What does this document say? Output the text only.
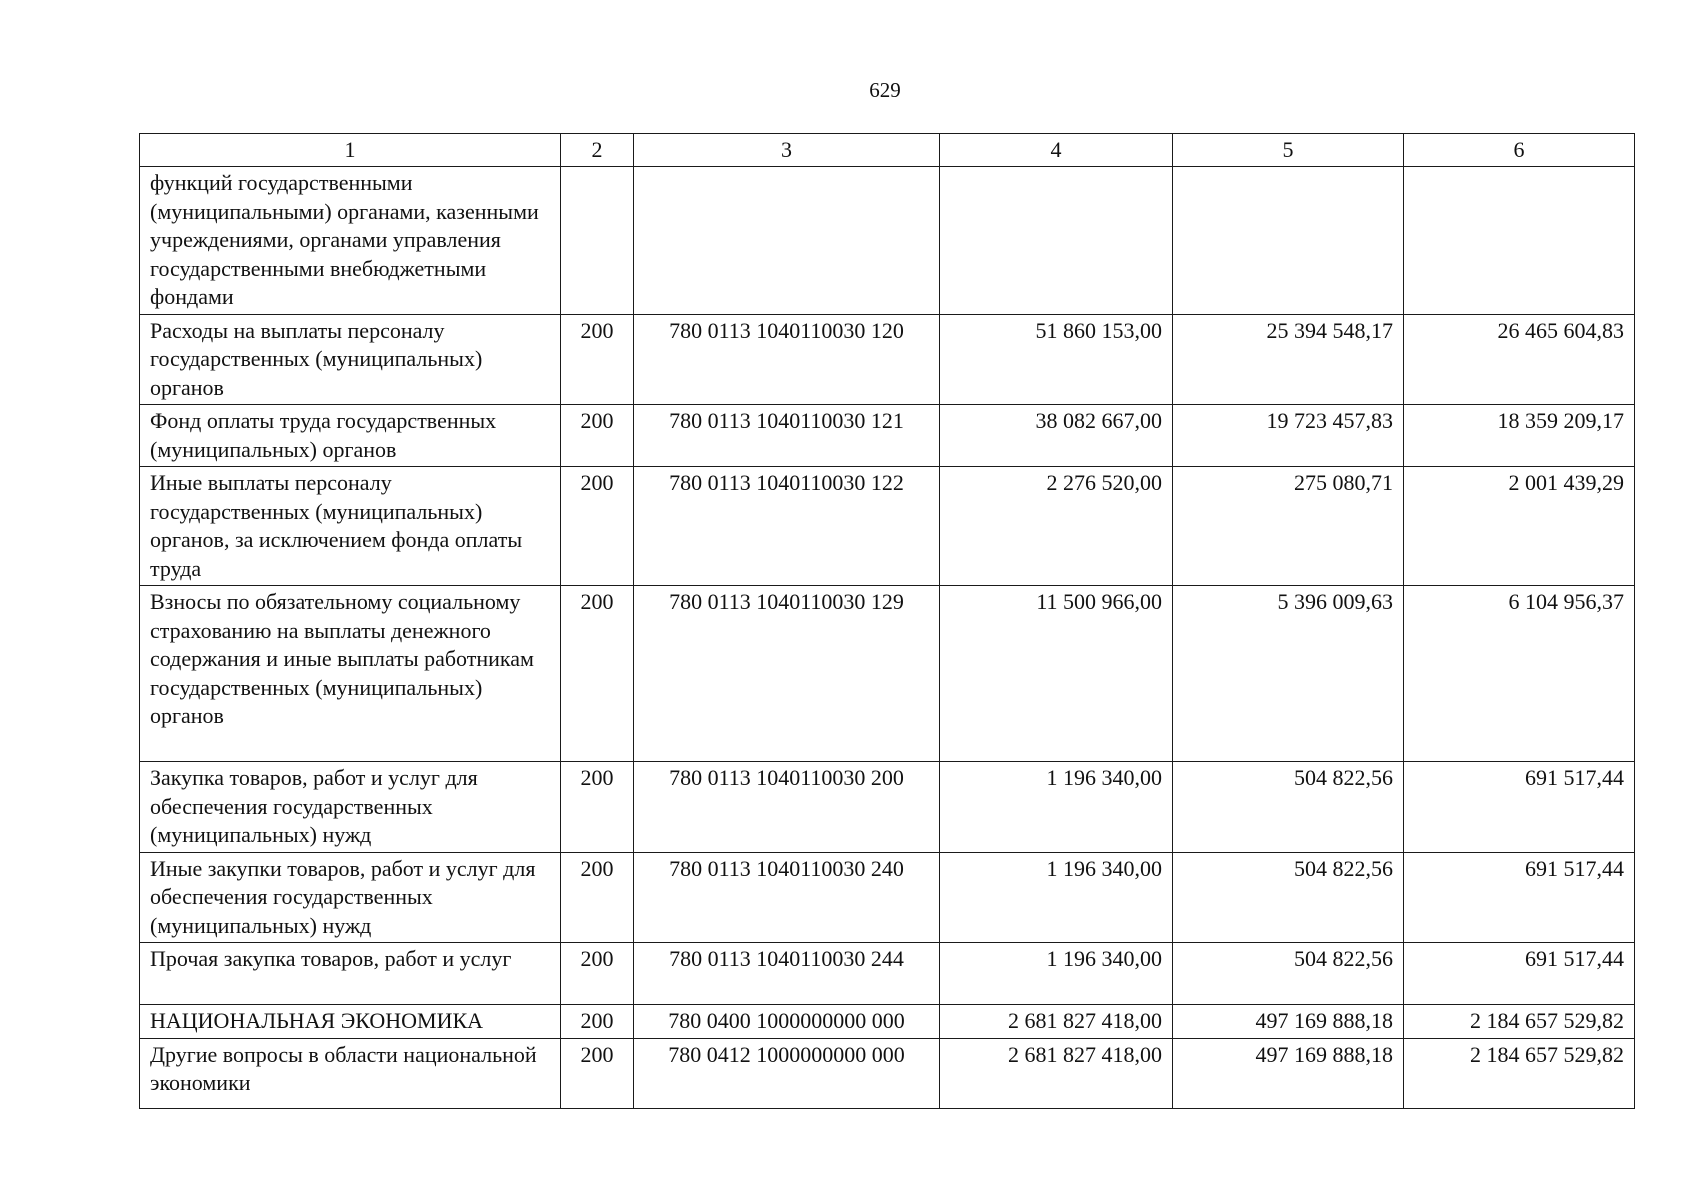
629
1	2	3	4	5	6
функций государственными (муниципальными) органами, казенными учреждениями, органами управления государственными внебюджетными фондами					
Расходы на выплаты персоналу государственных (муниципальных) органов	200	780 0113 1040110030 120	51 860 153,00	25 394 548,17	26 465 604,83
Фонд оплаты труда государственных (муниципальных) органов	200	780 0113 1040110030 121	38 082 667,00	19 723 457,83	18 359 209,17
Иные выплаты персоналу государственных (муниципальных) органов, за исключением фонда оплаты труда	200	780 0113 1040110030 122	2 276 520,00	275 080,71	2 001 439,29
Взносы по обязательному социальному страхованию на выплаты денежного содержания и иные выплаты работникам государственных (муниципальных) органов	200	780 0113 1040110030 129	11 500 966,00	5 396 009,63	6 104 956,37
Закупка товаров, работ и услуг для обеспечения государственных (муниципальных) нужд	200	780 0113 1040110030 200	1 196 340,00	504 822,56	691 517,44
Иные закупки товаров, работ и услуг для обеспечения государственных (муниципальных) нужд	200	780 0113 1040110030 240	1 196 340,00	504 822,56	691 517,44
Прочая закупка товаров, работ и услуг	200	780 0113 1040110030 244	1 196 340,00	504 822,56	691 517,44
НАЦИОНАЛЬНАЯ ЭКОНОМИКА	200	780 0400 1000000000 000	2 681 827 418,00	497 169 888,18	2 184 657 529,82
Другие вопросы в области национальной экономики	200	780 0412 1000000000 000	2 681 827 418,00	497 169 888,18	2 184 657 529,82
